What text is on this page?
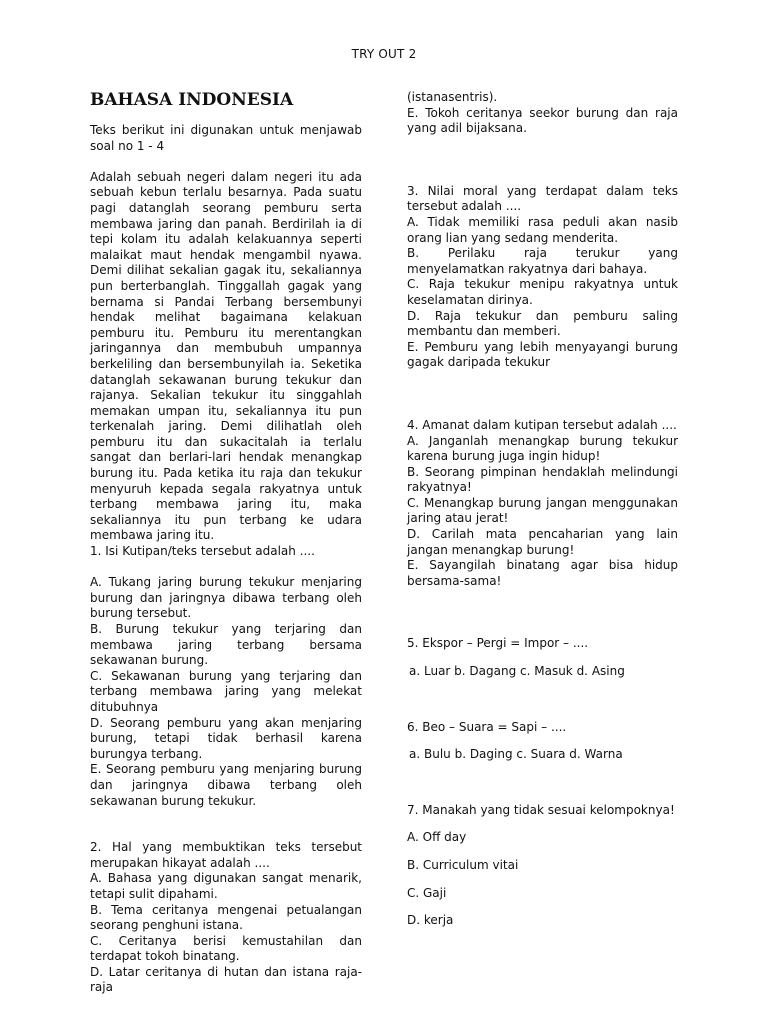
TRY OUT 2
BAHASA INDONESIA

Teks berikut ini digunakan untuk menjawab soal no 1 - 4

Adalah sebuah negeri dalam negeri itu ada sebuah kebun terlalu besarnya. Pada suatu pagi datanglah seorang pemburu serta membawa jaring dan panah. Berdirilah ia di tepi kolam itu adalah kelakuannya seperti malaikat maut hendak mengambil nyawa. Demi dilihat sekalian gagak itu, sekaliannya pun berterbanglah. Tinggallah gagak yang bernama si Pandai Terbang bersembunyi hendak melihat bagaimana kelakuan pemburu itu. Pemburu itu merentangkan jaringannya dan membubuh umpannya berkeliling dan bersembunyilah ia. Seketika datanglah sekawanan burung tekukur dan rajanya. Sekalian tekukur itu singgahlah memakan umpan itu, sekaliannya itu pun terkenalah jaring. Demi dilihatlah oleh pemburu itu dan sukacitalah ia terlalu sangat dan berlari-lari hendak menangkap burung itu. Pada ketika itu raja dan tekukur menyuruh kepada segala rakyatnya untuk terbang membawa jaring itu, maka sekaliannya itu pun terbang ke udara membawa jaring itu.

1. Isi Kutipan/teks tersebut adalah ....

A. Tukang jaring burung tekukur menjaring burung dan jaringnya dibawa terbang oleh burung tersebut.

B. Burung tekukur yang terjaring dan membawa jaring terbang bersama sekawanan burung.

C. Sekawanan burung yang terjaring dan terbang membawa jaring yang melekat ditubuhnya

D. Seorang pemburu yang akan menjaring burung, tetapi tidak berhasil karena burungya terbang.

E. Seorang pemburu yang menjaring burung dan jaringnya dibawa terbang oleh sekawanan burung tekukur.

2. Hal yang membuktikan teks tersebut merupakan hikayat adalah ....

A. Bahasa yang digunakan sangat menarik, tetapi sulit dipahami.

B. Tema ceritanya mengenai petualangan seorang penghuni istana.

C. Ceritanya berisi kemustahilan dan terdapat tokoh binatang.

D. Latar ceritanya di hutan dan istana raja-raja

(istanasentris).

E. Tokoh ceritanya seekor burung dan raja yang adil bijaksana.

3. Nilai moral yang terdapat dalam teks tersebut adalah ....

A. Tidak memiliki rasa peduli akan nasib orang lian yang sedang menderita.

B. Perilaku raja terukur yang menyelamatkan rakyatnya dari bahaya.

C. Raja tekukur menipu rakyatnya untuk keselamatan dirinya.

D. Raja tekukur dan pemburu saling membantu dan memberi.

E. Pemburu yang lebih menyayangi burung gagak daripada tekukur

4. Amanat dalam kutipan tersebut adalah ....

A. Janganlah menangkap burung tekukur karena burung juga ingin hidup!

B. Seorang pimpinan hendaklah melindungi rakyatnya!

C. Menangkap burung jangan menggunakan jaring atau jerat!

D. Carilah mata pencaharian yang lain jangan menangkap burung!

E. Sayangilah binatang agar bisa hidup bersama-sama!

5. Ekspor – Pergi = Impor – ....

a. Luar b. Dagang c. Masuk d. Asing

6. Beo – Suara = Sapi – ....

a. Bulu b. Daging c. Suara d. Warna

7. Manakah yang tidak sesuai kelompoknya!

A. Off day

B. Curriculum vitai

C. Gaji

D. kerja
